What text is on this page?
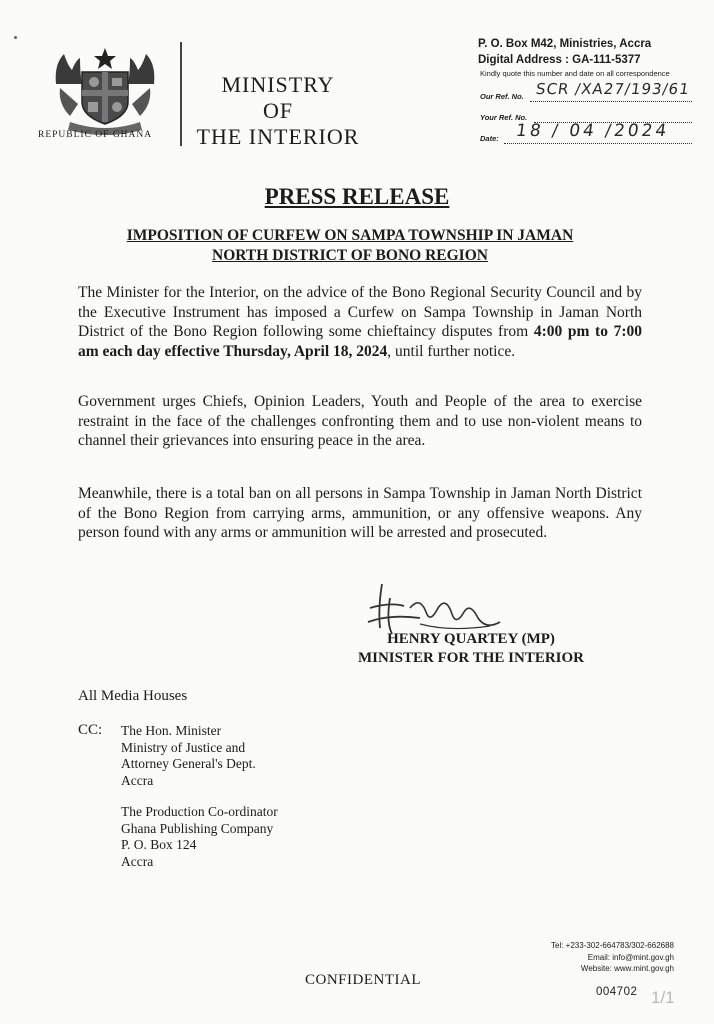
REPUBLIC OF GHANA
MINISTRY
OF
THE INTERIOR
P. O. Box M42, Ministries, Accra
Digital Address : GA-111-5377
Kindly quote this number and date on all correspondence
Our Ref. No. SCR /XA27/193/61
Your Ref. No.
Date: 18 / 04 /2024
PRESS RELEASE
IMPOSITION OF CURFEW ON SAMPA TOWNSHIP IN JAMAN
NORTH DISTRICT OF BONO REGION
The Minister for the Interior, on the advice of the Bono Regional Security Council and by the Executive Instrument has imposed a Curfew on Sampa Township in Jaman North District of the Bono Region following some chieftaincy disputes from 4:00 pm to 7:00 am each day effective Thursday, April 18, 2024, until further notice.
Government urges Chiefs, Opinion Leaders, Youth and People of the area to exercise restraint in the face of the challenges confronting them and to use non-violent means to channel their grievances into ensuring peace in the area.
Meanwhile, there is a total ban on all persons in Sampa Township in Jaman North District of the Bono Region from carrying arms, ammunition, or any offensive weapons. Any person found with any arms or ammunition will be arrested and prosecuted.
HENRY QUARTEY (MP)
MINISTER FOR THE INTERIOR
All Media Houses
CC: The Hon. Minister
Ministry of Justice and
Attorney General's Dept.
Accra
The Production Co-ordinator
Ghana Publishing Company
P. O. Box 124
Accra
Tel: +233-302-664783/302-662688
Email: info@mint.gov.gh
Website: www.mint.gov.gh
CONFIDENTIAL
004702 1/1
